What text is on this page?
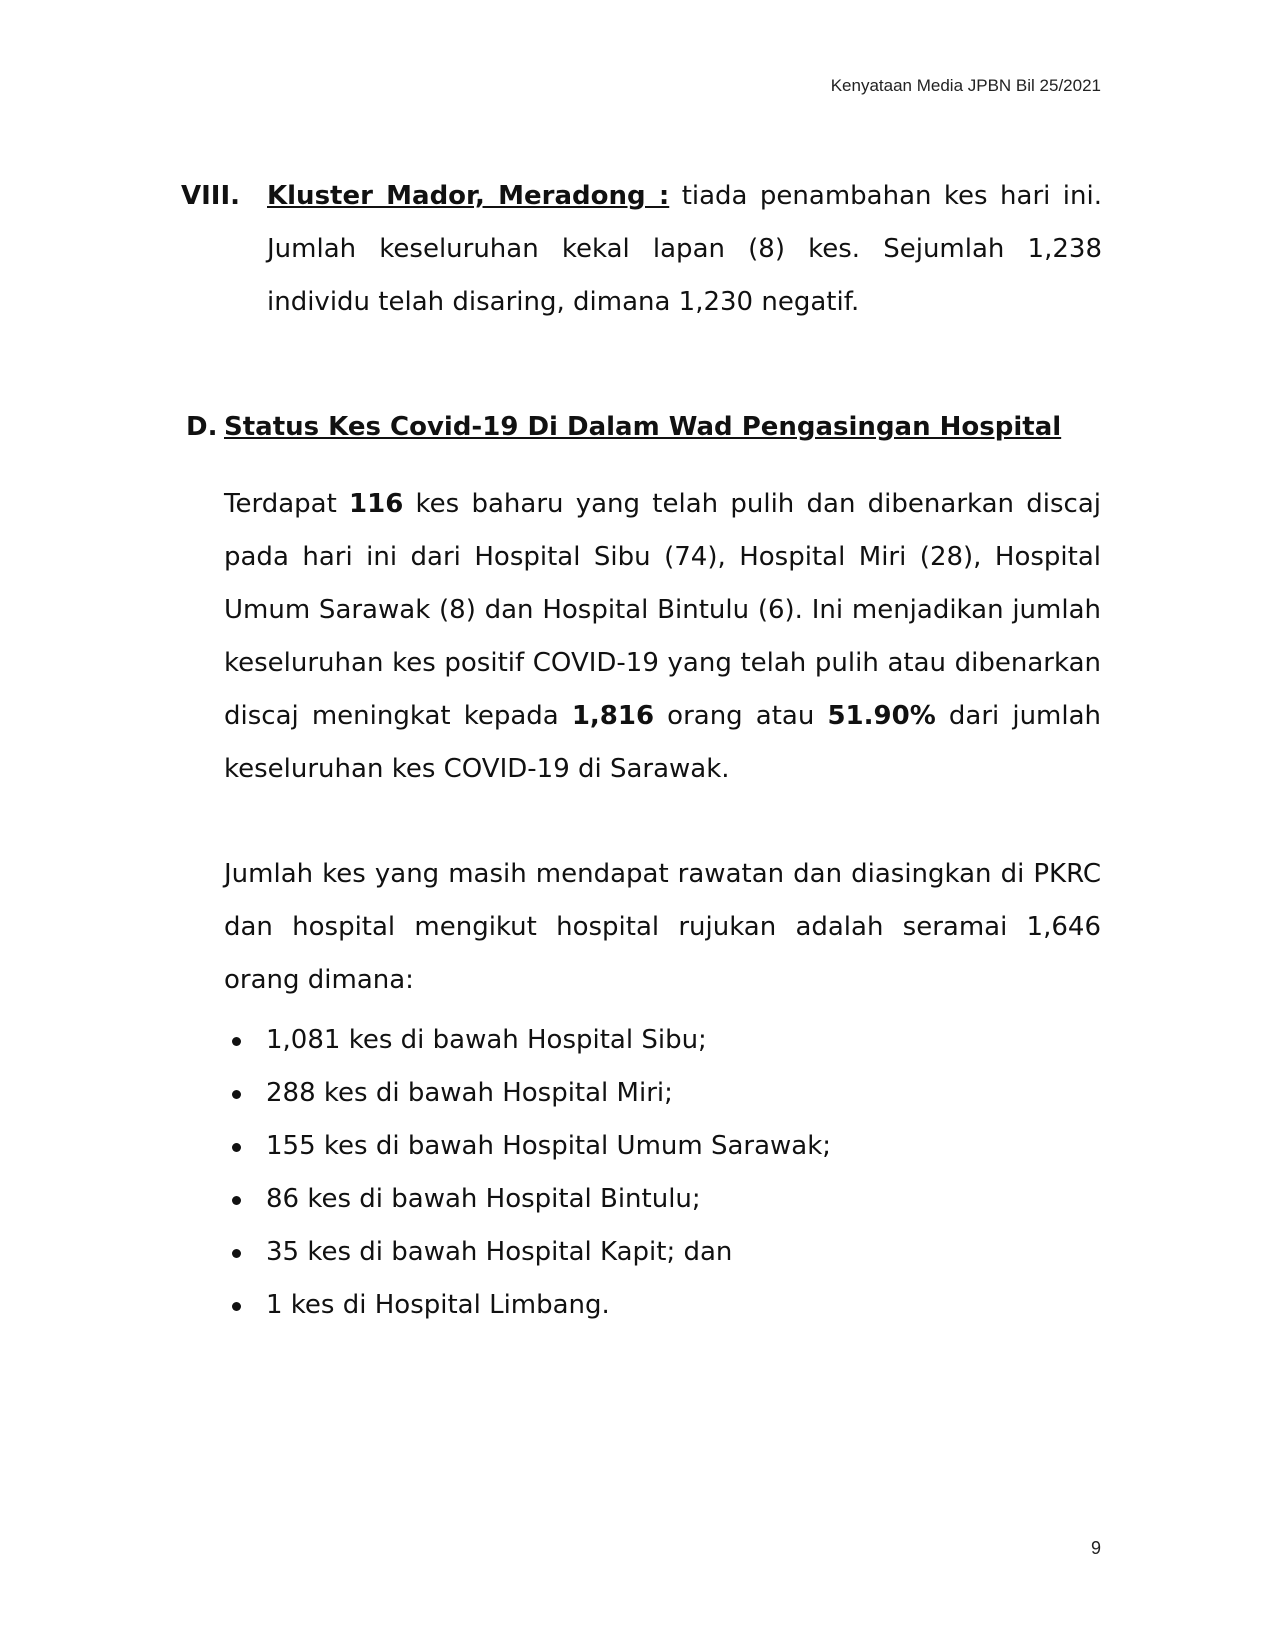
Kenyataan Media JPBN Bil 25/2021
VIII. Kluster Mador, Meradong : tiada penambahan kes hari ini. Jumlah keseluruhan kekal lapan (8) kes. Sejumlah 1,238 individu telah disaring, dimana 1,230 negatif.
D. Status Kes Covid-19 Di Dalam Wad Pengasingan Hospital

Terdapat 116 kes baharu yang telah pulih dan dibenarkan discaj pada hari ini dari Hospital Sibu (74), Hospital Miri (28), Hospital Umum Sarawak (8) dan Hospital Bintulu (6). Ini menjadikan jumlah keseluruhan kes positif COVID-19 yang telah pulih atau dibenarkan discaj meningkat kepada 1,816 orang atau 51.90% dari jumlah keseluruhan kes COVID-19 di Sarawak.

Jumlah kes yang masih mendapat rawatan dan diasingkan di PKRC dan hospital mengikut hospital rujukan adalah seramai 1,646 orang dimana:

1,081 kes di bawah Hospital Sibu;
288 kes di bawah Hospital Miri;
155 kes di bawah Hospital Umum Sarawak;
86 kes di bawah Hospital Bintulu;
35 kes di bawah Hospital Kapit; dan
1 kes di Hospital Limbang.
9
